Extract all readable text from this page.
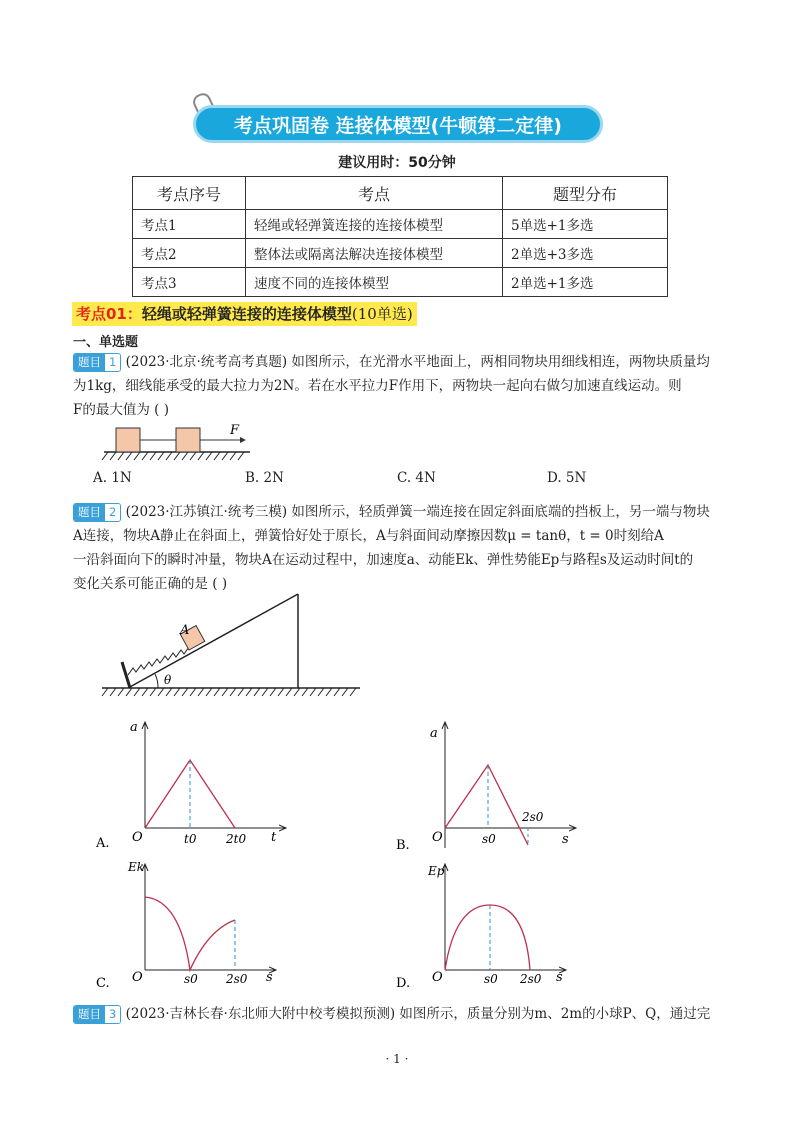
考点巩固卷 连接体模型(牛顿第二定律)
建议用时：50分钟
考点序号	考点	题型分布
考点1	轻绳或轻弹簧连接的连接体模型	5单选+1多选
考点2	整体法或隔离法解决连接体模型	2单选+3多选
考点3	速度不同的连接体模型	2单选+1多选
考点01：轻绳或轻弹簧连接的连接体模型(10单选)
一、单选题
题目 1 (2023·北京·统考高考真题) 如图所示，在光滑水平地面上，两相同物块用细线相连，两物块质量均
为1kg，细线能承受的最大拉力为2N。若在水平拉力F作用下，两物块一起向右做匀加速直线运动。则
F的最大值为 ( )
F
A. 1N	B. 2N	C. 4N	D. 5N
题目 2 (2023·江苏镇江·统考三模) 如图所示，轻质弹簧一端连接在固定斜面底端的挡板上，另一端与物块
A连接，物块A静止在斜面上，弹簧恰好处于原长，A与斜面间动摩擦因数μ = tanθ，t = 0时刻给A
一沿斜面向下的瞬时冲量，物块A在运动过程中，加速度a、动能Ek、弹性势能Ep与路程s及运动时间t的
变化关系可能正确的是 ( )
A
θ
a
O	t0 2t0 t
A.
a
O	s0
2s0
s
B.
Ek
O	s0 2s0 s
C.
Ep
O	s0 2s0 s
D.
题目 3 (2023·吉林长春·东北师大附中校考模拟预测) 如图所示，质量分别为m、2m的小球P、Q，通过完
· 1 ·
